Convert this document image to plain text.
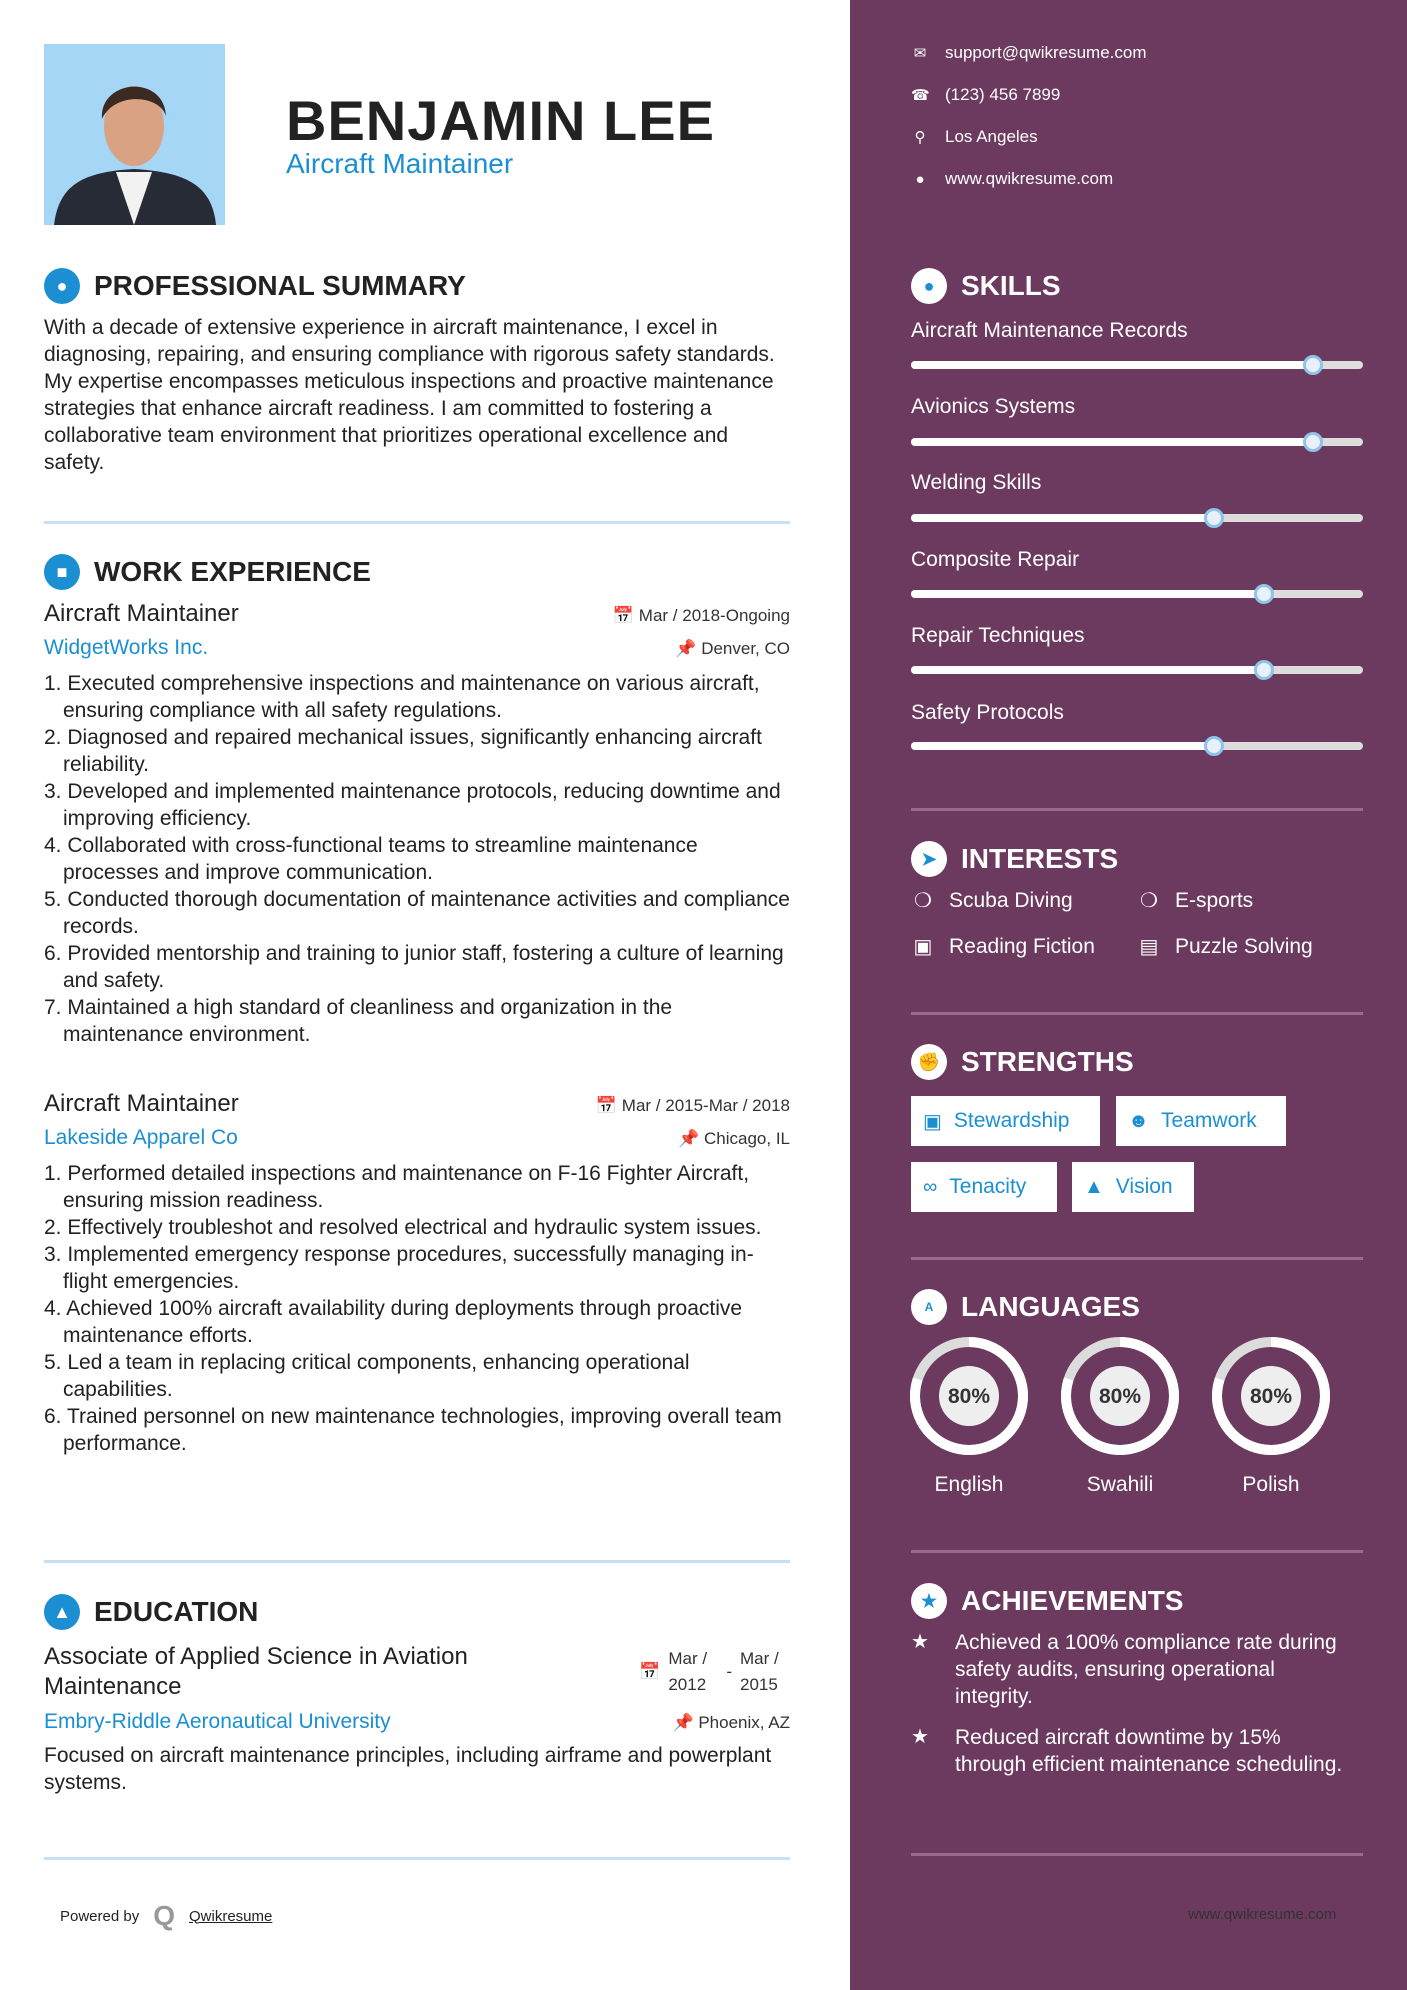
BENJAMIN LEE
Aircraft Maintainer
● PROFESSIONAL SUMMARY

With a decade of extensive experience in aircraft maintenance, I excel in diagnosing, repairing, and ensuring compliance with rigorous safety standards. My expertise encompasses meticulous inspections and proactive maintenance strategies that enhance aircraft readiness. I am committed to fostering a collaborative team environment that prioritizes operational excellence and safety.

■ WORK EXPERIENCE
Aircraft Maintainer	📅 Mar / 2018-Ongoing
WidgetWorks Inc.	📌 Denver, CO
1. Executed comprehensive inspections and maintenance on various aircraft, ensuring compliance with all safety regulations.
2. Diagnosed and repaired mechanical issues, significantly enhancing aircraft reliability.
3. Developed and implemented maintenance protocols, reducing downtime and improving efficiency.
4. Collaborated with cross-functional teams to streamline maintenance processes and improve communication.
5. Conducted thorough documentation of maintenance activities and compliance records.
6. Provided mentorship and training to junior staff, fostering a culture of learning and safety.
7. Maintained a high standard of cleanliness and organization in the maintenance environment.
Aircraft Maintainer	📅 Mar / 2015-Mar / 2018
Lakeside Apparel Co	📌 Chicago, IL
1. Performed detailed inspections and maintenance on F-16 Fighter Aircraft, ensuring mission readiness.
2. Effectively troubleshot and resolved electrical and hydraulic system issues.
3. Implemented emergency response procedures, successfully managing in-flight emergencies.
4. Achieved 100% aircraft availability during deployments through proactive maintenance efforts.
5. Led a team in replacing critical components, enhancing operational capabilities.
6. Trained personnel on new maintenance technologies, improving overall team performance.
▲ EDUCATION
Associate of Applied Science in Aviation Maintenance
📅
Mar / 2012
-
Mar / 2015
Embry-Riddle Aeronautical University	📌 Phoenix, AZ

Focused on aircraft maintenance principles, including airframe and powerplant systems.

Powered by Q Qwikresume
✉ support@qwikresume.com
☎ (123) 456 7899
⚲ Los Angeles
● www.qwikresume.com
● SKILLS
Aircraft Maintenance Records
Avionics Systems
Welding Skills
Composite Repair
Repair Techniques
Safety Protocols
➤ INTERESTS
❍ Scuba Diving	❍ E-sports
▣ Reading Fiction ▤ Puzzle Solving
✊ STRENGTHS
▣ Stewardship	☻ Teamwork
∞ Tenacity	▲ Vision
A LANGUAGES
80%
English
80%
Swahili
80%
Polish
★ ACHIEVEMENTS
★	Achieved a 100% compliance rate during safety audits, ensuring operational integrity.
★	Reduced aircraft downtime by 15% through efficient maintenance scheduling.
www.qwikresume.com
